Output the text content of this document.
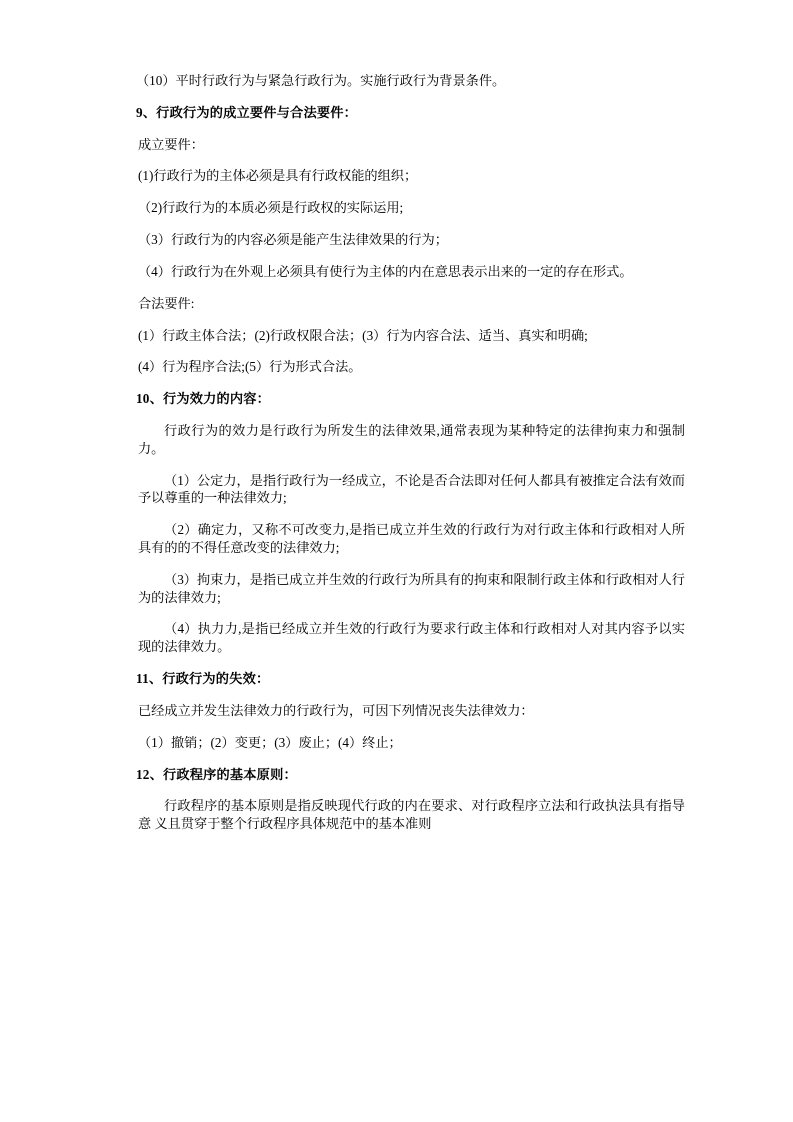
（10）平时行政行为与紧急行政行为。实施行政行为背景条件。

9、行政行为的成立要件与合法要件：

成立要件：

(1)行政行为的主体必须是具有行政权能的组织；

（2)行政行为的本质必须是行政权的实际运用;

（3）行政行为的内容必须是能产生法律效果的行为；

（4）行政行为在外观上必须具有使行为主体的内在意思表示出来的一定的存在形式。

合法要件:

(1）行政主体合法；(2)行政权限合法；(3）行为内容合法、适当、真实和明确;

(4）行为程序合法;(5）行为形式合法。

10、行为效力的内容：

行政行为的效力是行政行为所发生的法律效果,通常表现为某种特定的法律拘束力和强制力。

（1）公定力，是指行政行为一经成立，不论是否合法即对任何人都具有被推定合法有效而予以尊重的一种法律效力;

（2）确定力，又称不可改变力,是指已成立并生效的行政行为对行政主体和行政相对人所具有的的不得任意改变的法律效力;

（3）拘束力，是指已成立并生效的行政行为所具有的拘束和限制行政主体和行政相对人行为的法律效力;

（4）执力力,是指已经成立并生效的行政行为要求行政主体和行政相对人对其内容予以实现的法律效力。

11、行政行为的失效：

已经成立并发生法律效力的行政行为，可因下列情况丧失法律效力：

（1）撤销；(2）变更；(3）废止；(4）终止；

12、行政程序的基本原则：

行政程序的基本原则是指反映现代行政的内在要求、对行政程序立法和行政执法具有指导意 义且贯穿于整个行政程序具体规范中的基本准则
